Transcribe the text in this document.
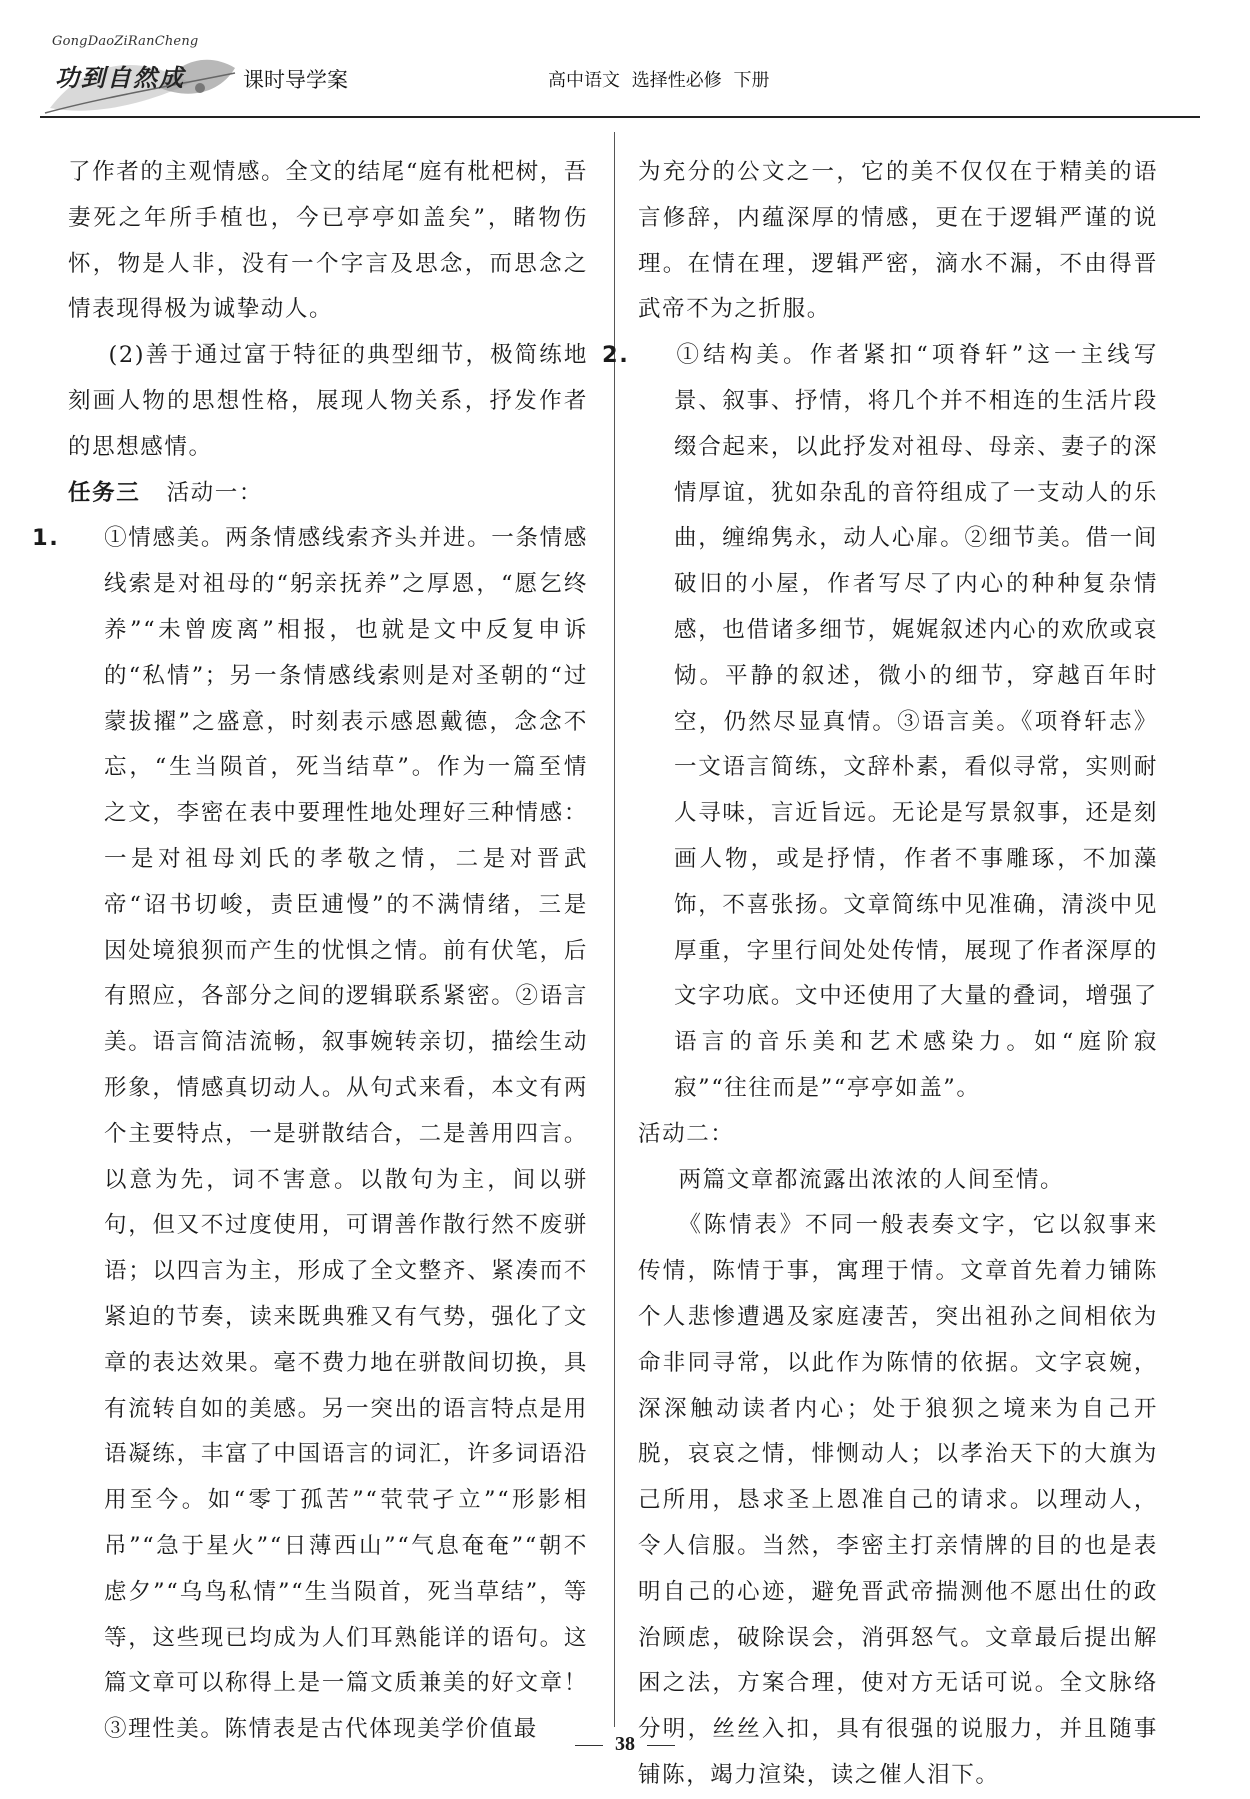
GongDaoZiRanCheng
功到自然成	课时导学案	高中语文 选择性必修 下册

了作者的主观情感。全文的结尾“庭有枇杷树，吾妻死之年所手植也，今已亭亭如盖矣”，睹物伤怀，物是人非，没有一个字言及思念，而思念之情表现得极为诚挚动人。

(2)善于通过富于特征的典型细节，极简练地刻画人物的思想性格，展现人物关系，抒发作者的思想感情。

任务三 活动一：

1. ①情感美。两条情感线索齐头并进。一条情感线索是对祖母的“躬亲抚养”之厚恩，“愿乞终养”“未曾废离”相报，也就是文中反复申诉的“私情”；另一条情感线索则是对圣朝的“过蒙拔擢”之盛意，时刻表示感恩戴德，念念不忘，“生当陨首，死当结草”。作为一篇至情之文，李密在表中要理性地处理好三种情感：一是对祖母刘氏的孝敬之情，二是对晋武帝“诏书切峻，责臣逋慢”的不满情绪，三是因处境狼狈而产生的忧惧之情。前有伏笔，后有照应，各部分之间的逻辑联系紧密。②语言美。语言简洁流畅，叙事婉转亲切，描绘生动形象，情感真切动人。从句式来看，本文有两个主要特点，一是骈散结合，二是善用四言。以意为先，词不害意。以散句为主，间以骈句，但又不过度使用，可谓善作散行然不废骈语；以四言为主，形成了全文整齐、紧凑而不紧迫的节奏，读来既典雅又有气势，强化了文章的表达效果。毫不费力地在骈散间切换，具有流转自如的美感。另一突出的语言特点是用语凝练，丰富了中国语言的词汇，许多词语沿用至今。如“零丁孤苦”“茕茕孑立”“形影相吊”“急于星火”“日薄西山”“气息奄奄”“朝不虑夕”“乌鸟私情”“生当陨首，死当草结”，等等，这些现已均成为人们耳熟能详的语句。这篇文章可以称得上是一篇文质兼美的好文章！③理性美。陈情表是古代体现美学价值最

为充分的公文之一，它的美不仅仅在于精美的语言修辞，内蕴深厚的情感，更在于逻辑严谨的说理。在情在理，逻辑严密，滴水不漏，不由得晋武帝不为之折服。

2. ①结构美。作者紧扣“项脊轩”这一主线写景、叙事、抒情，将几个并不相连的生活片段缀合起来，以此抒发对祖母、母亲、妻子的深情厚谊，犹如杂乱的音符组成了一支动人的乐曲，缠绵隽永，动人心扉。②细节美。借一间破旧的小屋，作者写尽了内心的种种复杂情感，也借诸多细节，娓娓叙述内心的欢欣或哀恸。平静的叙述，微小的细节，穿越百年时空，仍然尽显真情。③语言美。《项脊轩志》一文语言简练，文辞朴素，看似寻常，实则耐人寻味，言近旨远。无论是写景叙事，还是刻画人物，或是抒情，作者不事雕琢，不加藻饰，不喜张扬。文章简练中见准确，清淡中见厚重，字里行间处处传情，展现了作者深厚的文字功底。文中还使用了大量的叠词，增强了语言的音乐美和艺术感染力。如“庭阶寂寂”“往往而是”“亭亭如盖”。

活动二：

两篇文章都流露出浓浓的人间至情。

《陈情表》不同一般表奏文字，它以叙事来传情，陈情于事，寓理于情。文章首先着力铺陈个人悲惨遭遇及家庭凄苦，突出祖孙之间相依为命非同寻常，以此作为陈情的依据。文字哀婉，深深触动读者内心；处于狼狈之境来为自己开脱，哀哀之情，悱恻动人；以孝治天下的大旗为己所用，恳求圣上恩准自己的请求。以理动人，令人信服。当然，李密主打亲情牌的目的也是表明自己的心迹，避免晋武帝揣测他不愿出仕的政治顾虑，破除误会，消弭怒气。文章最后提出解困之法，方案合理，使对方无话可说。全文脉络分明，丝丝入扣，具有很强的说服力，并且随事铺陈，竭力渲染，读之催人泪下。

38
